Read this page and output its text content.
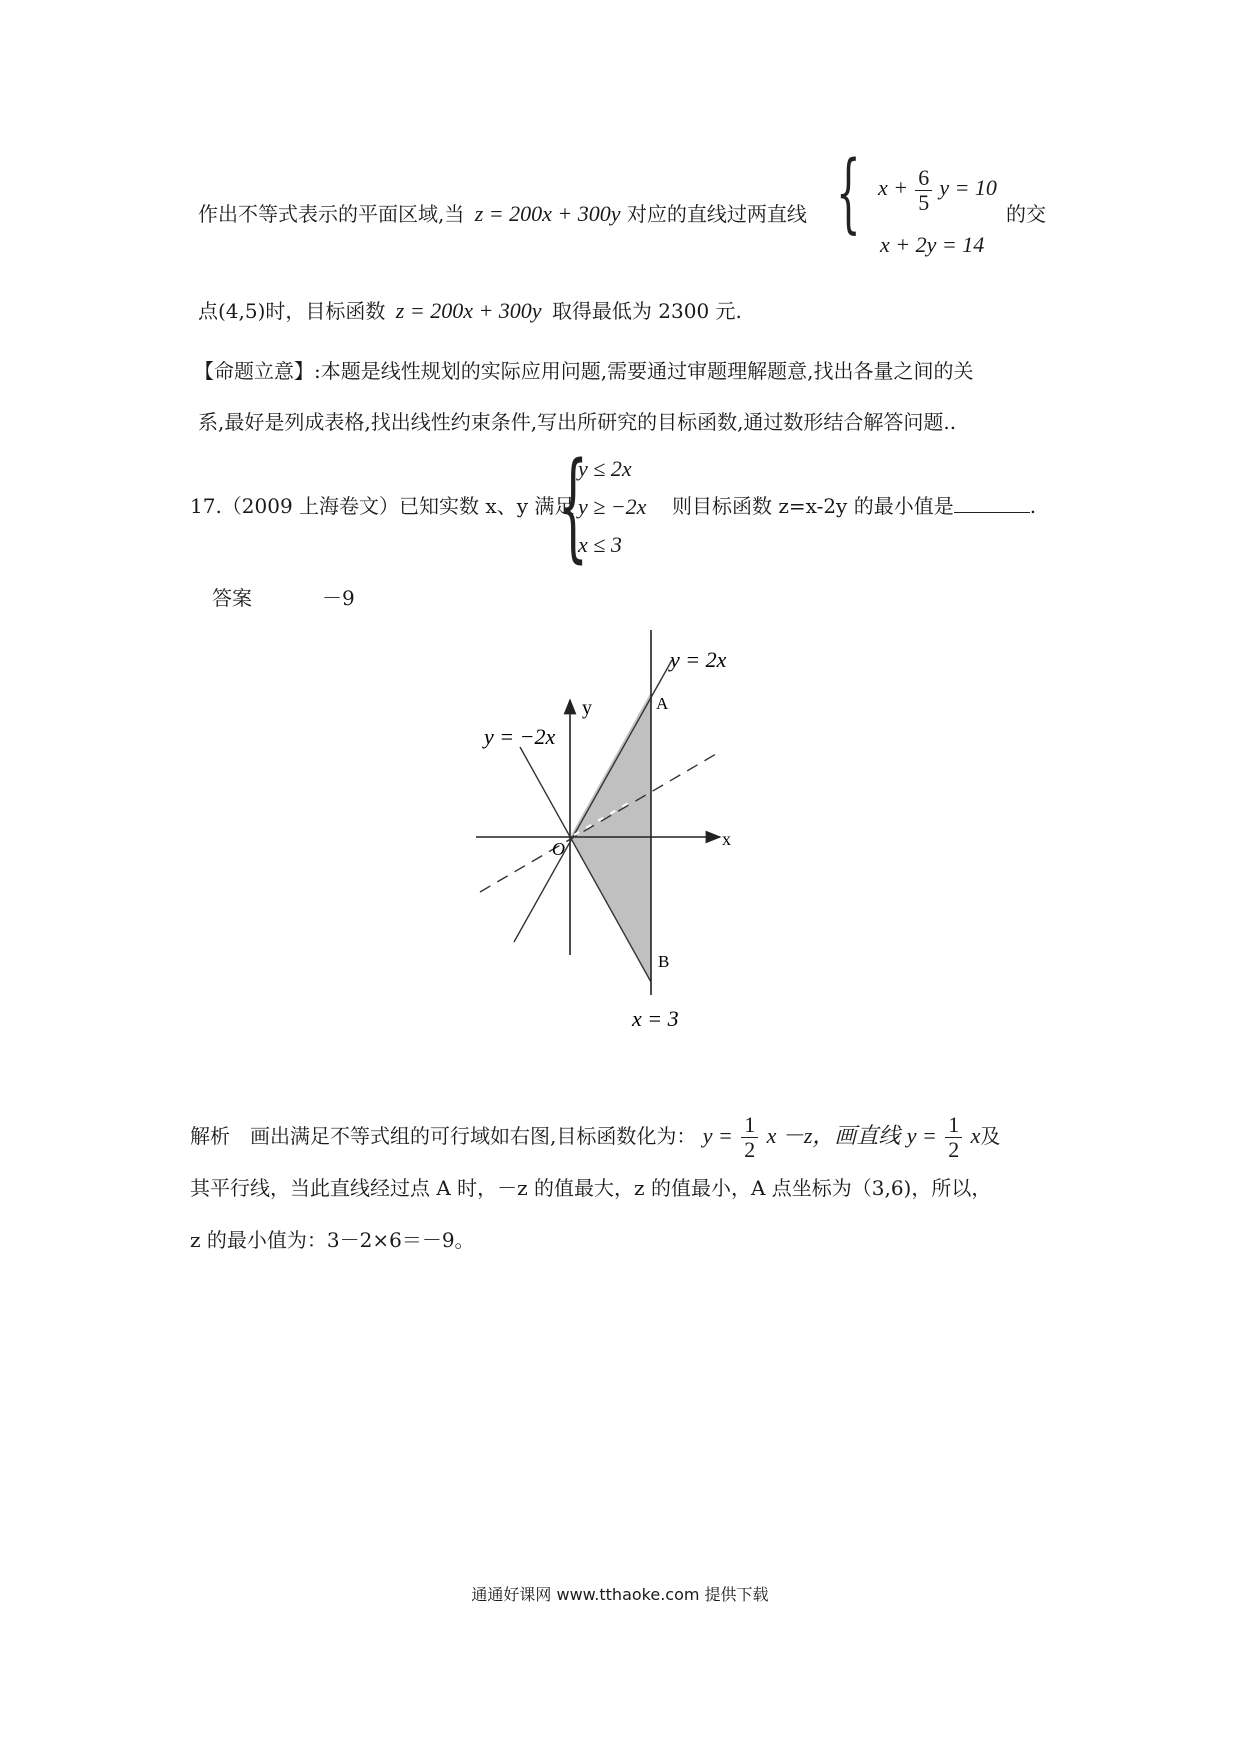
作出不等式表示的平面区域,当 z = 200x + 300y 对应的直线过两直线 { $x + \frac{6}{5}$ y = 10
x + 2y = 14
的交
点(4,5)时，目标函数 z = 200x + 300y 取得最低为 2300 元.
【命题立意】:本题是线性规划的实际应用问题,需要通过审题理解题意,找出各量之间的关
系,最好是列成表格,找出线性约束条件,写出所研究的目标函数,通过数形结合解答问题..
17.（2009 上海卷文）已知实数 x、y 满足
{
y ≤ 2x
y ≥ −2x
x ≤ 3
则目标函数 z=x-2y 的最小值是	.
答案	－9
y = 2x
y = −2x
y
x
O
A
B
x = 3
解析　画出满足不等式组的可行域如右图,目标函数化为： $y = \frac{1}{2}$ x －z，画直线 $y = \frac{1}{2}$ x及
其平行线，当此直线经过点 A 时，－z 的值最大，z 的值最小，A 点坐标为（3,6)，所以，
z 的最小值为：3－2×6＝－9。
通通好课网 www.tthaoke.com 提供下载
